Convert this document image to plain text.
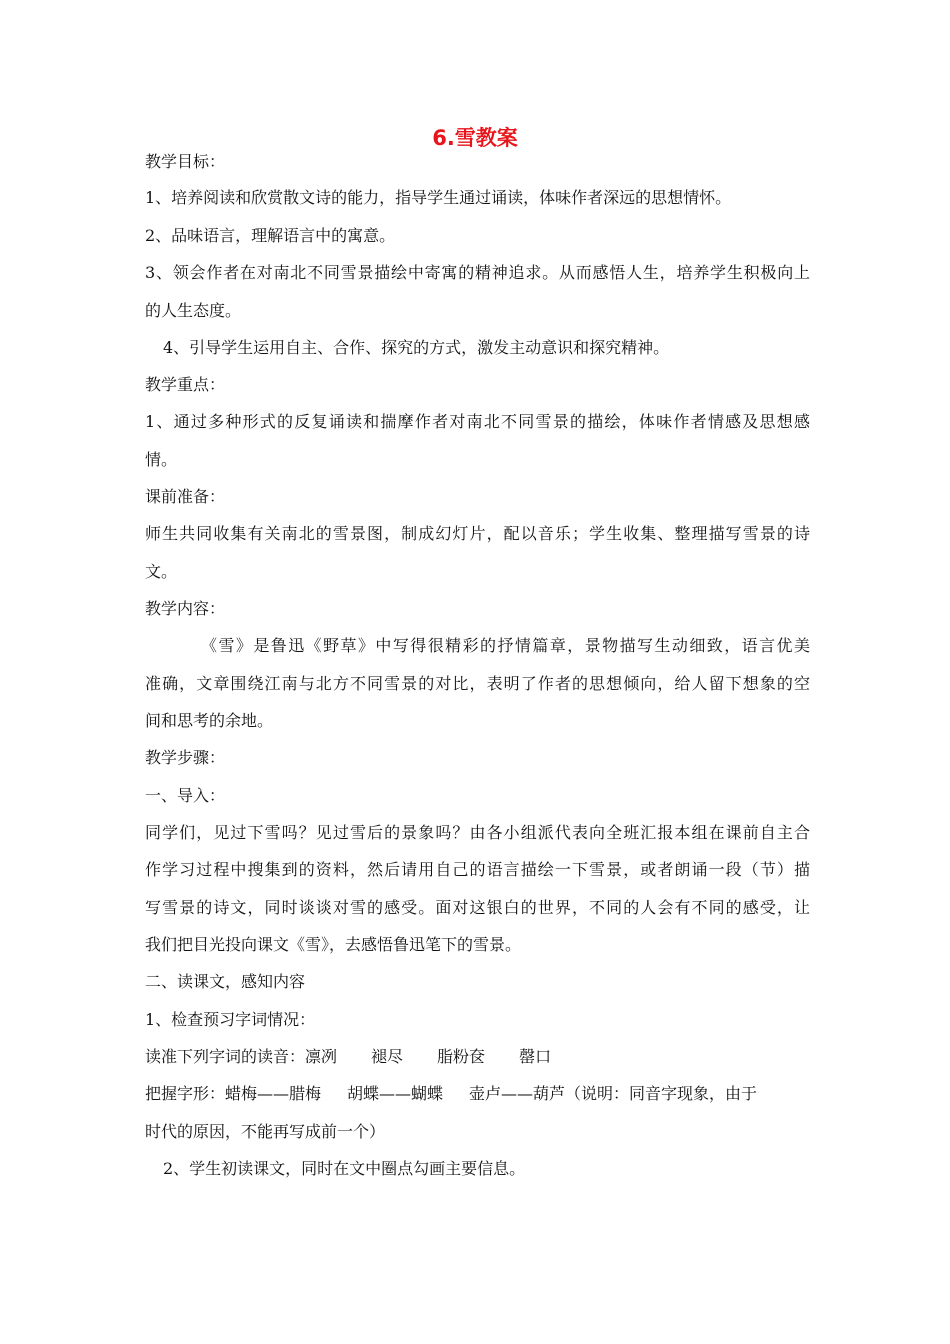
6.雪教案
教学目标：
1、培养阅读和欣赏散文诗的能力，指导学生通过诵读，体味作者深远的思想情怀。
2、品味语言，理解语言中的寓意。
3、领会作者在对南北不同雪景描绘中寄寓的精神追求。从而感悟人生，培养学生积极向上
的人生态度。
4、引导学生运用自主、合作、探究的方式，激发主动意识和探究精神。
教学重点：
1、通过多种形式的反复诵读和揣摩作者对南北不同雪景的描绘，体味作者情感及思想感
情。
课前准备：
师生共同收集有关南北的雪景图，制成幻灯片，配以音乐；学生收集、整理描写雪景的诗
文。
教学内容：
《雪》是鲁迅《野草》中写得很精彩的抒情篇章，景物描写生动细致，语言优美
准确，文章围绕江南与北方不同雪景的对比，表明了作者的思想倾向，给人留下想象的空
间和思考的余地。
教学步骤：
一、导入：
同学们，见过下雪吗？见过雪后的景象吗？由各小组派代表向全班汇报本组在课前自主合
作学习过程中搜集到的资料，然后请用自己的语言描绘一下雪景，或者朗诵一段（节）描
写雪景的诗文，同时谈谈对雪的感受。面对这银白的世界，不同的人会有不同的感受，让
我们把目光投向课文《雪》，去感悟鲁迅笔下的雪景。
二、读课文，感知内容
1、检查预习字词情况：
读准下列字词的读音：凛冽 褪尽 脂粉奁 罄口
把握字形：蜡梅——腊梅 胡蝶——蝴蝶 壶卢——葫芦（说明：同音字现象，由于
时代的原因，不能再写成前一个）
2、学生初读课文，同时在文中圈点勾画主要信息。
